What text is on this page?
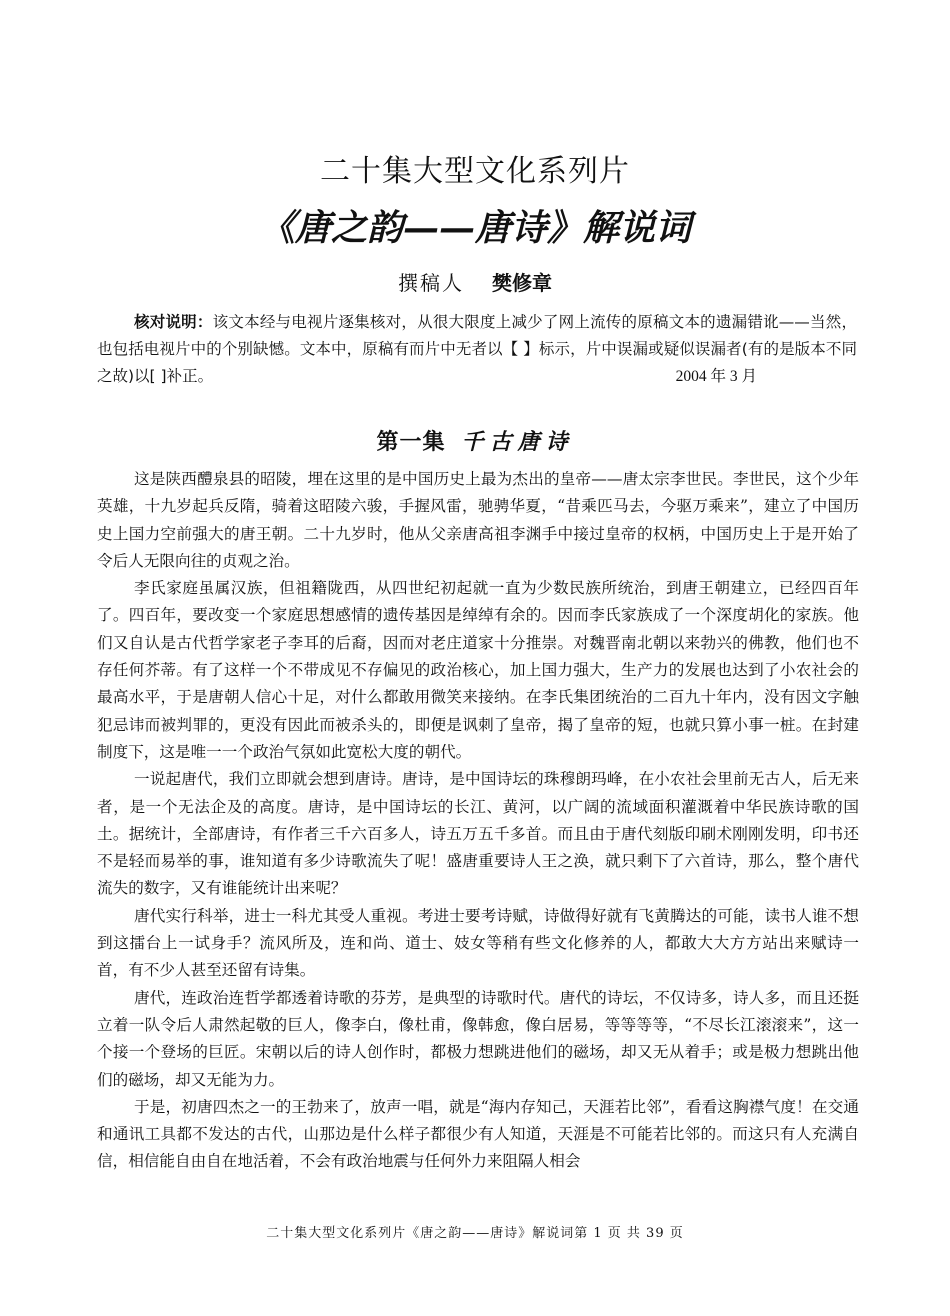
二十集大型文化系列片
《唐之韵——唐诗》解说词
撰稿人 樊修章
核对说明：该文本经与电视片逐集核对，从很大限度上减少了网上流传的原稿文本的遗漏错讹——当然，也包括电视片中的个别缺憾。文本中，原稿有而片中无者以【 】标示，片中误漏或疑似误漏者(有的是版本不同之故)以[ ]补正。	2004 年 3 月
第一集 千古唐诗

这是陕西醴泉县的昭陵，埋在这里的是中国历史上最为杰出的皇帝——唐太宗李世民。李世民，这个少年英雄，十九岁起兵反隋，骑着这昭陵六骏，手握风雷，驰骋华夏，“昔乘匹马去，今驱万乘来”，建立了中国历史上国力空前强大的唐王朝。二十九岁时，他从父亲唐高祖李渊手中接过皇帝的权柄，中国历史上于是开始了令后人无限向往的贞观之治。

李氏家庭虽属汉族，但祖籍陇西，从四世纪初起就一直为少数民族所统治，到唐王朝建立，已经四百年了。四百年，要改变一个家庭思想感情的遗传基因是绰绰有余的。因而李氏家族成了一个深度胡化的家族。他们又自认是古代哲学家老子李耳的后裔，因而对老庄道家十分推崇。对魏晋南北朝以来勃兴的佛教，他们也不存任何芥蒂。有了这样一个不带成见不存偏见的政治核心，加上国力强大，生产力的发展也达到了小农社会的最高水平，于是唐朝人信心十足，对什么都敢用微笑来接纳。在李氏集团统治的二百九十年内，没有因文字触犯忌讳而被判罪的，更没有因此而被杀头的，即便是讽刺了皇帝，揭了皇帝的短，也就只算小事一桩。在封建制度下，这是唯一一个政治气氛如此宽松大度的朝代。

一说起唐代，我们立即就会想到唐诗。唐诗，是中国诗坛的珠穆朗玛峰，在小农社会里前无古人，后无来者，是一个无法企及的高度。唐诗，是中国诗坛的长江、黄河，以广阔的流域面积灌溉着中华民族诗歌的国土。据统计，全部唐诗，有作者三千六百多人，诗五万五千多首。而且由于唐代刻版印刷术刚刚发明，印书还不是轻而易举的事，谁知道有多少诗歌流失了呢！盛唐重要诗人王之涣，就只剩下了六首诗，那么，整个唐代流失的数字，又有谁能统计出来呢？

唐代实行科举，进士一科尤其受人重视。考进士要考诗赋，诗做得好就有飞黄腾达的可能，读书人谁不想到这擂台上一试身手？流风所及，连和尚、道士、妓女等稍有些文化修养的人，都敢大大方方站出来赋诗一首，有不少人甚至还留有诗集。

唐代，连政治连哲学都透着诗歌的芬芳，是典型的诗歌时代。唐代的诗坛，不仅诗多，诗人多，而且还挺立着一队令后人肃然起敬的巨人，像李白，像杜甫，像韩愈，像白居易，等等等等，“不尽长江滚滚来”，这一个接一个登场的巨匠。宋朝以后的诗人创作时，都极力想跳进他们的磁场，却又无从着手；或是极力想跳出他们的磁场，却又无能为力。

于是，初唐四杰之一的王勃来了，放声一唱，就是“海内存知己，天涯若比邻”，看看这胸襟气度！在交通和通讯工具都不发达的古代，山那边是什么样子都很少有人知道，天涯是不可能若比邻的。而这只有人充满自信，相信能自由自在地活着，不会有政治地震与任何外力来阻隔人相会

二十集大型文化系列片《唐之韵——唐诗》解说词第 1 页 共 39 页
